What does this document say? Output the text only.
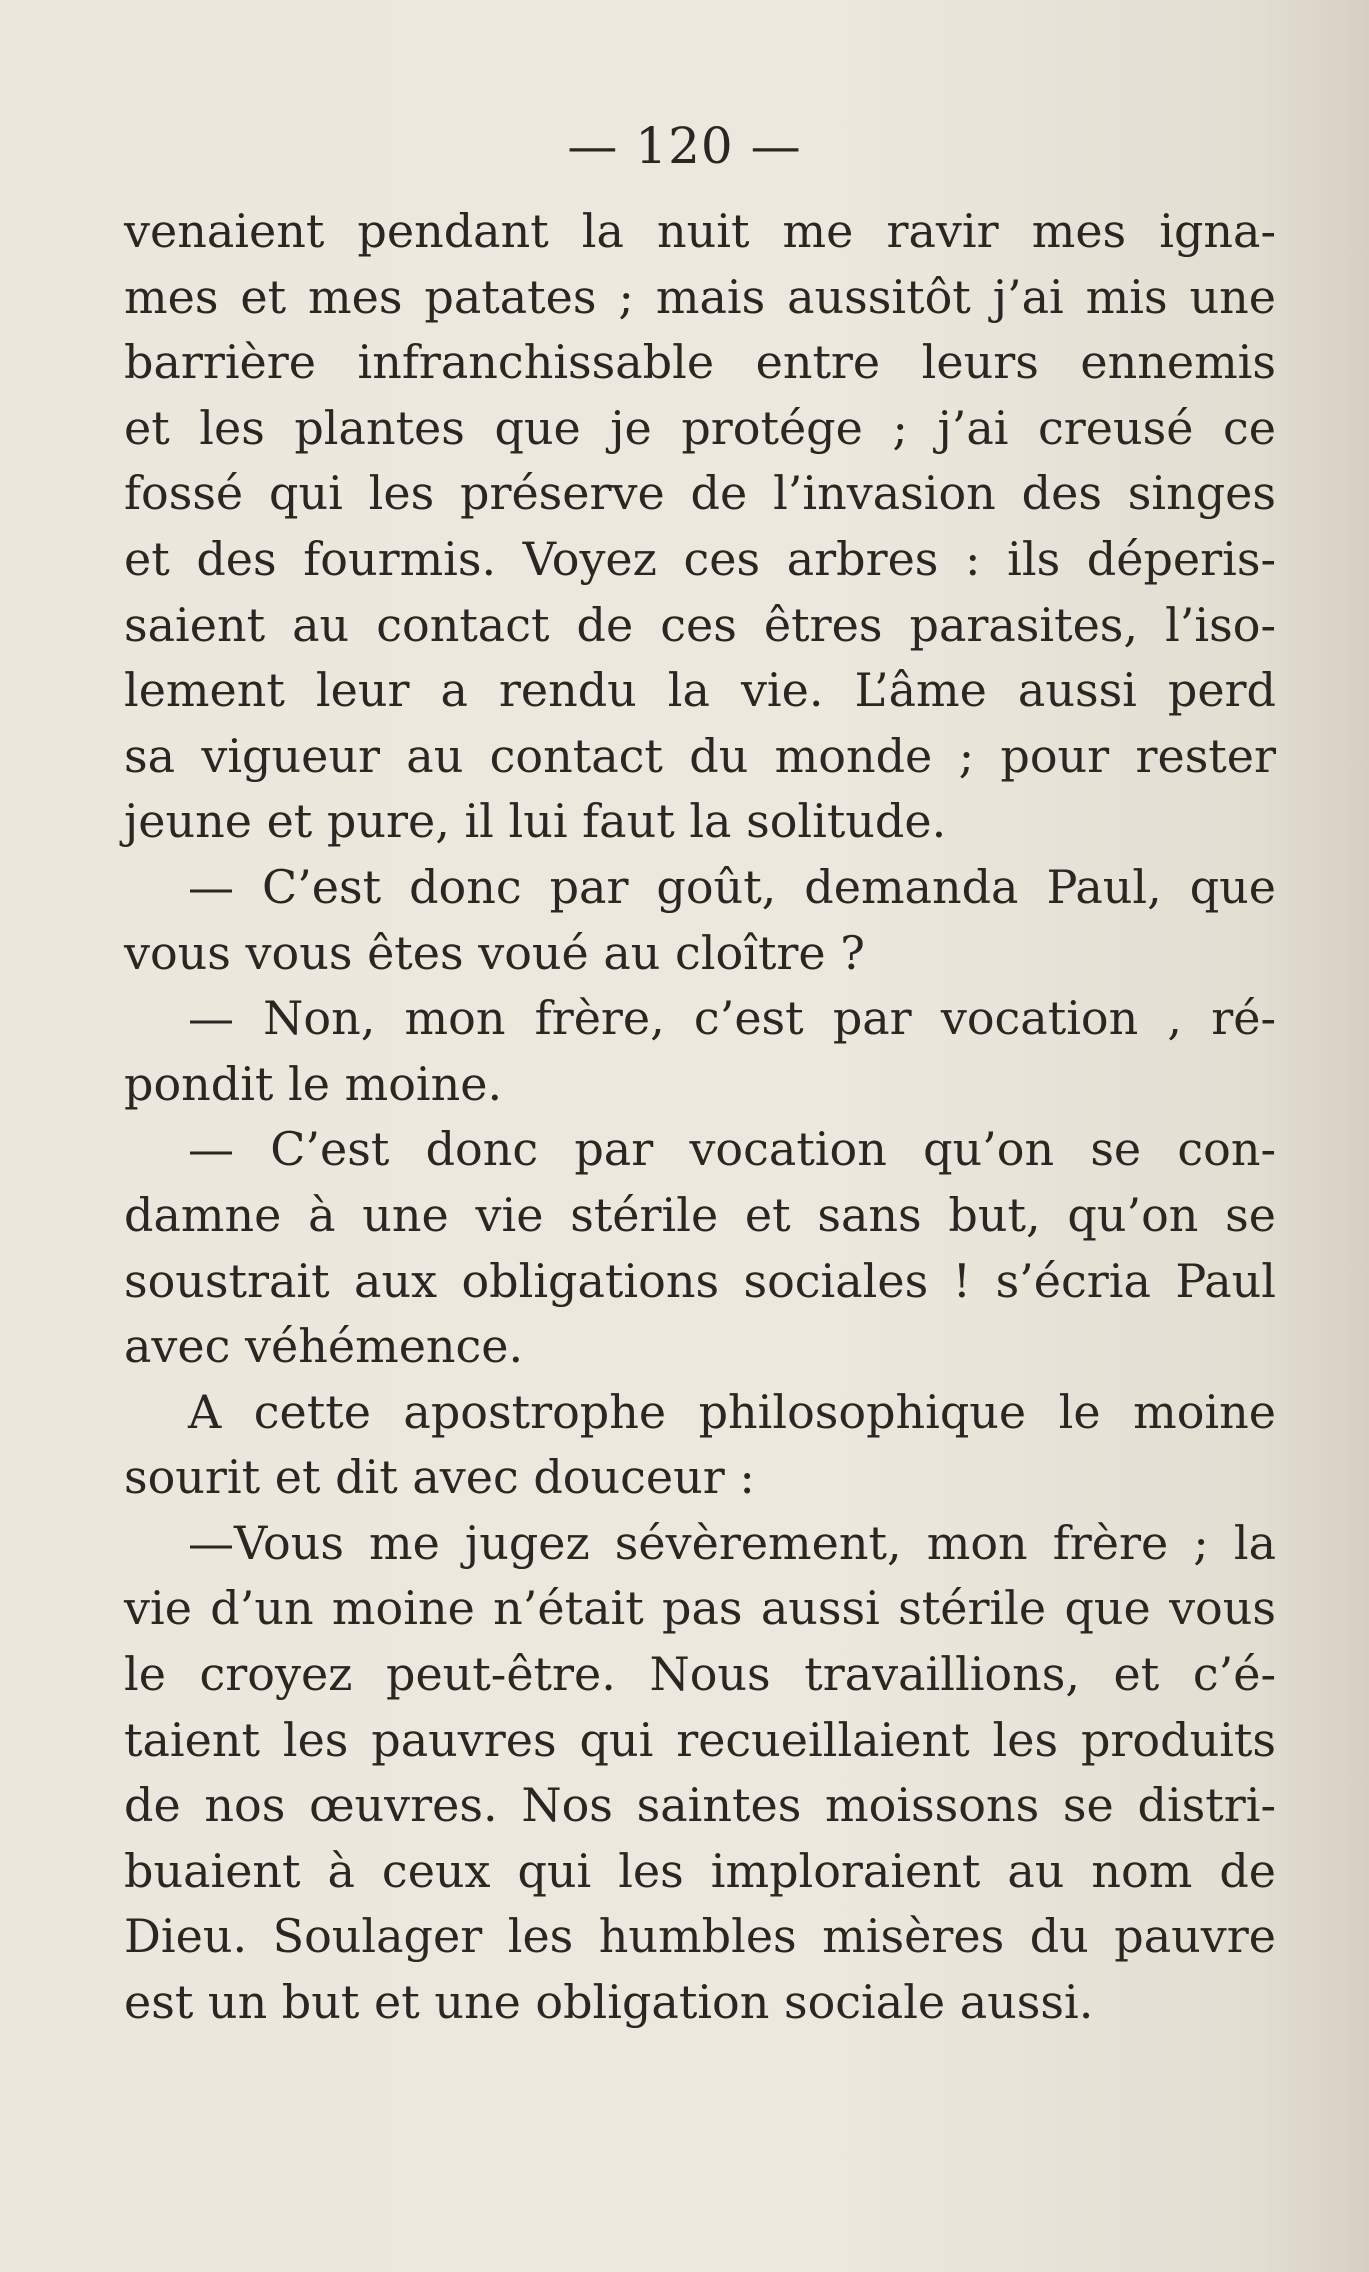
— 120 —
venaient pendant la nuit me ravir mes igna-
mes et mes patates ; mais aussitôt j’ai mis une
barrière infranchissable entre leurs ennemis
et les plantes que je protége ; j’ai creusé ce
fossé qui les préserve de l’invasion des singes
et des fourmis. Voyez ces arbres : ils déperis-
saient au contact de ces êtres parasites, l’iso-
lement leur a rendu la vie. L’âme aussi perd
sa vigueur au contact du monde ; pour rester
jeune et pure, il lui faut la solitude.
— C’est donc par goût, demanda Paul, que
vous vous êtes voué au cloître ?
— Non, mon frère, c’est par vocation , ré-
pondit le moine.
— C’est donc par vocation qu’on se con-
damne à une vie stérile et sans but, qu’on se
soustrait aux obligations sociales ! s’écria Paul
avec véhémence.
A cette apostrophe philosophique le moine
sourit et dit avec douceur :
—Vous me jugez sévèrement, mon frère ; la
vie d’un moine n’était pas aussi stérile que vous
le croyez peut-être. Nous travaillions, et c’é-
taient les pauvres qui recueillaient les produits
de nos œuvres. Nos saintes moissons se distri-
buaient à ceux qui les imploraient au nom de
Dieu. Soulager les humbles misères du pauvre
est un but et une obligation sociale aussi.
